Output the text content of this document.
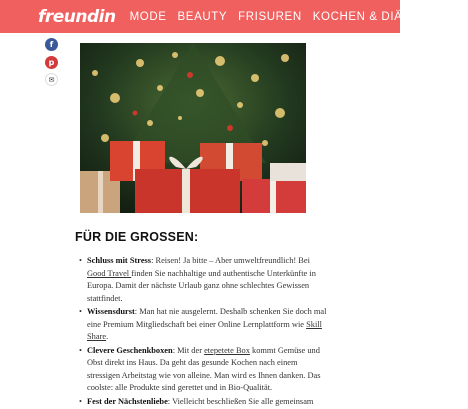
freundin MODE BEAUTY FRISUREN KOCHEN & DIÄT LIEBE
f
p
✉
FÜR DIE GROSSEN:
• Schluss mit Stress: Reisen! Ja bitte – Aber umweltfreundlich! Bei Good Travel finden Sie nachhaltige und authentische Unterkünfte in Europa. Damit der nächste Urlaub ganz ohne schlechtes Gewissen stattfindet.
• Wissensdurst: Man hat nie ausgelernt. Deshalb schenken Sie doch mal eine Premium Mitgliedschaft bei einer Online Lernplattform wie Skill Share.
• Clevere Geschenkboxen: Mit der etepetete Box kommt Gemüse und Obst direkt ins Haus. Da geht das gesunde Kochen nach einem stressigen Arbeitstag wie von alleine. Man wird es Ihnen danken. Das coolste: alle Produkte sind gerettet und in Bio-Qualität.
• Fest der Nächstenliebe: Vielleicht beschließen Sie alle gemeinsam
